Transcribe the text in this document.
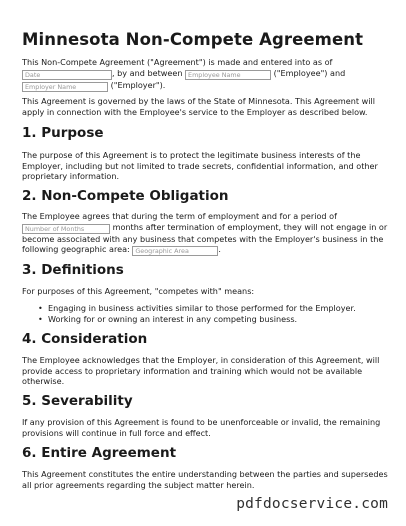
Minnesota Non-Compete Agreement
This Non-Compete Agreement ("Agreement") is made and entered into as of
Date	, by and between Employee Name	("Employee") and
Employer Name	("Employer").
This Agreement is governed by the laws of the State of Minnesota. This Agreement will
apply in connection with the Employee's service to the Employer as described below.
1. Purpose
The purpose of this Agreement is to protect the legitimate business interests of the
Employer, including but not limited to trade secrets, confidential information, and other
proprietary information.
2. Non-Compete Obligation
The Employee agrees that during the term of employment and for a period of
Number of Months	months after termination of employment, they will not engage in or
become associated with any business that competes with the Employer's business in the
following geographic area: Geographic Area	.
3. Definitions
For purposes of this Agreement, "competes with" means:
• Engaging in business activities similar to those performed for the Employer.
• Working for or owning an interest in any competing business.
4. Consideration
The Employee acknowledges that the Employer, in consideration of this Agreement, will
provide access to proprietary information and training which would not be available
otherwise.
5. Severability
If any provision of this Agreement is found to be unenforceable or invalid, the remaining
provisions will continue in full force and effect.
6. Entire Agreement
This Agreement constitutes the entire understanding between the parties and supersedes
all prior agreements regarding the subject matter herein.
pdfdocservice.com
